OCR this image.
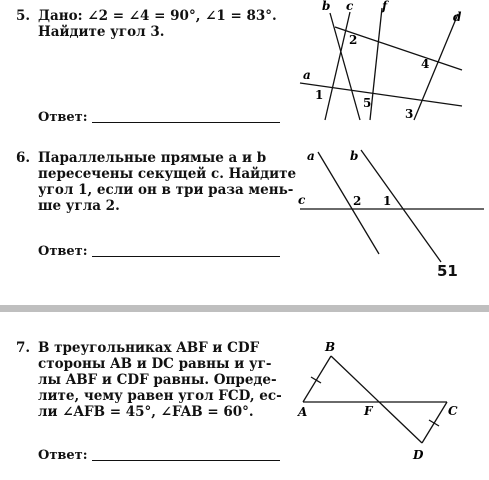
5. Дано: ∠2 = ∠4 = 90°, ∠1 = 83°.
Найдите угол 3.
Ответ:
b c f
d
a
1
2
3
4
5
6. Параллельные прямые a и b
пересечены секущей c. Найдите
угол 1, если он в три раза мень-
ше угла 2.
Ответ:
a	b
c	2 1
51
7. В треугольниках ABF и CDF
стороны AB и DC равны и уг-
лы ABF и CDF равны. Опреде-
лите, чему равен угол FCD, ес-
ли ∠AFB = 45°, ∠FAB = 60°.
Ответ:
B
A	F	C
D
